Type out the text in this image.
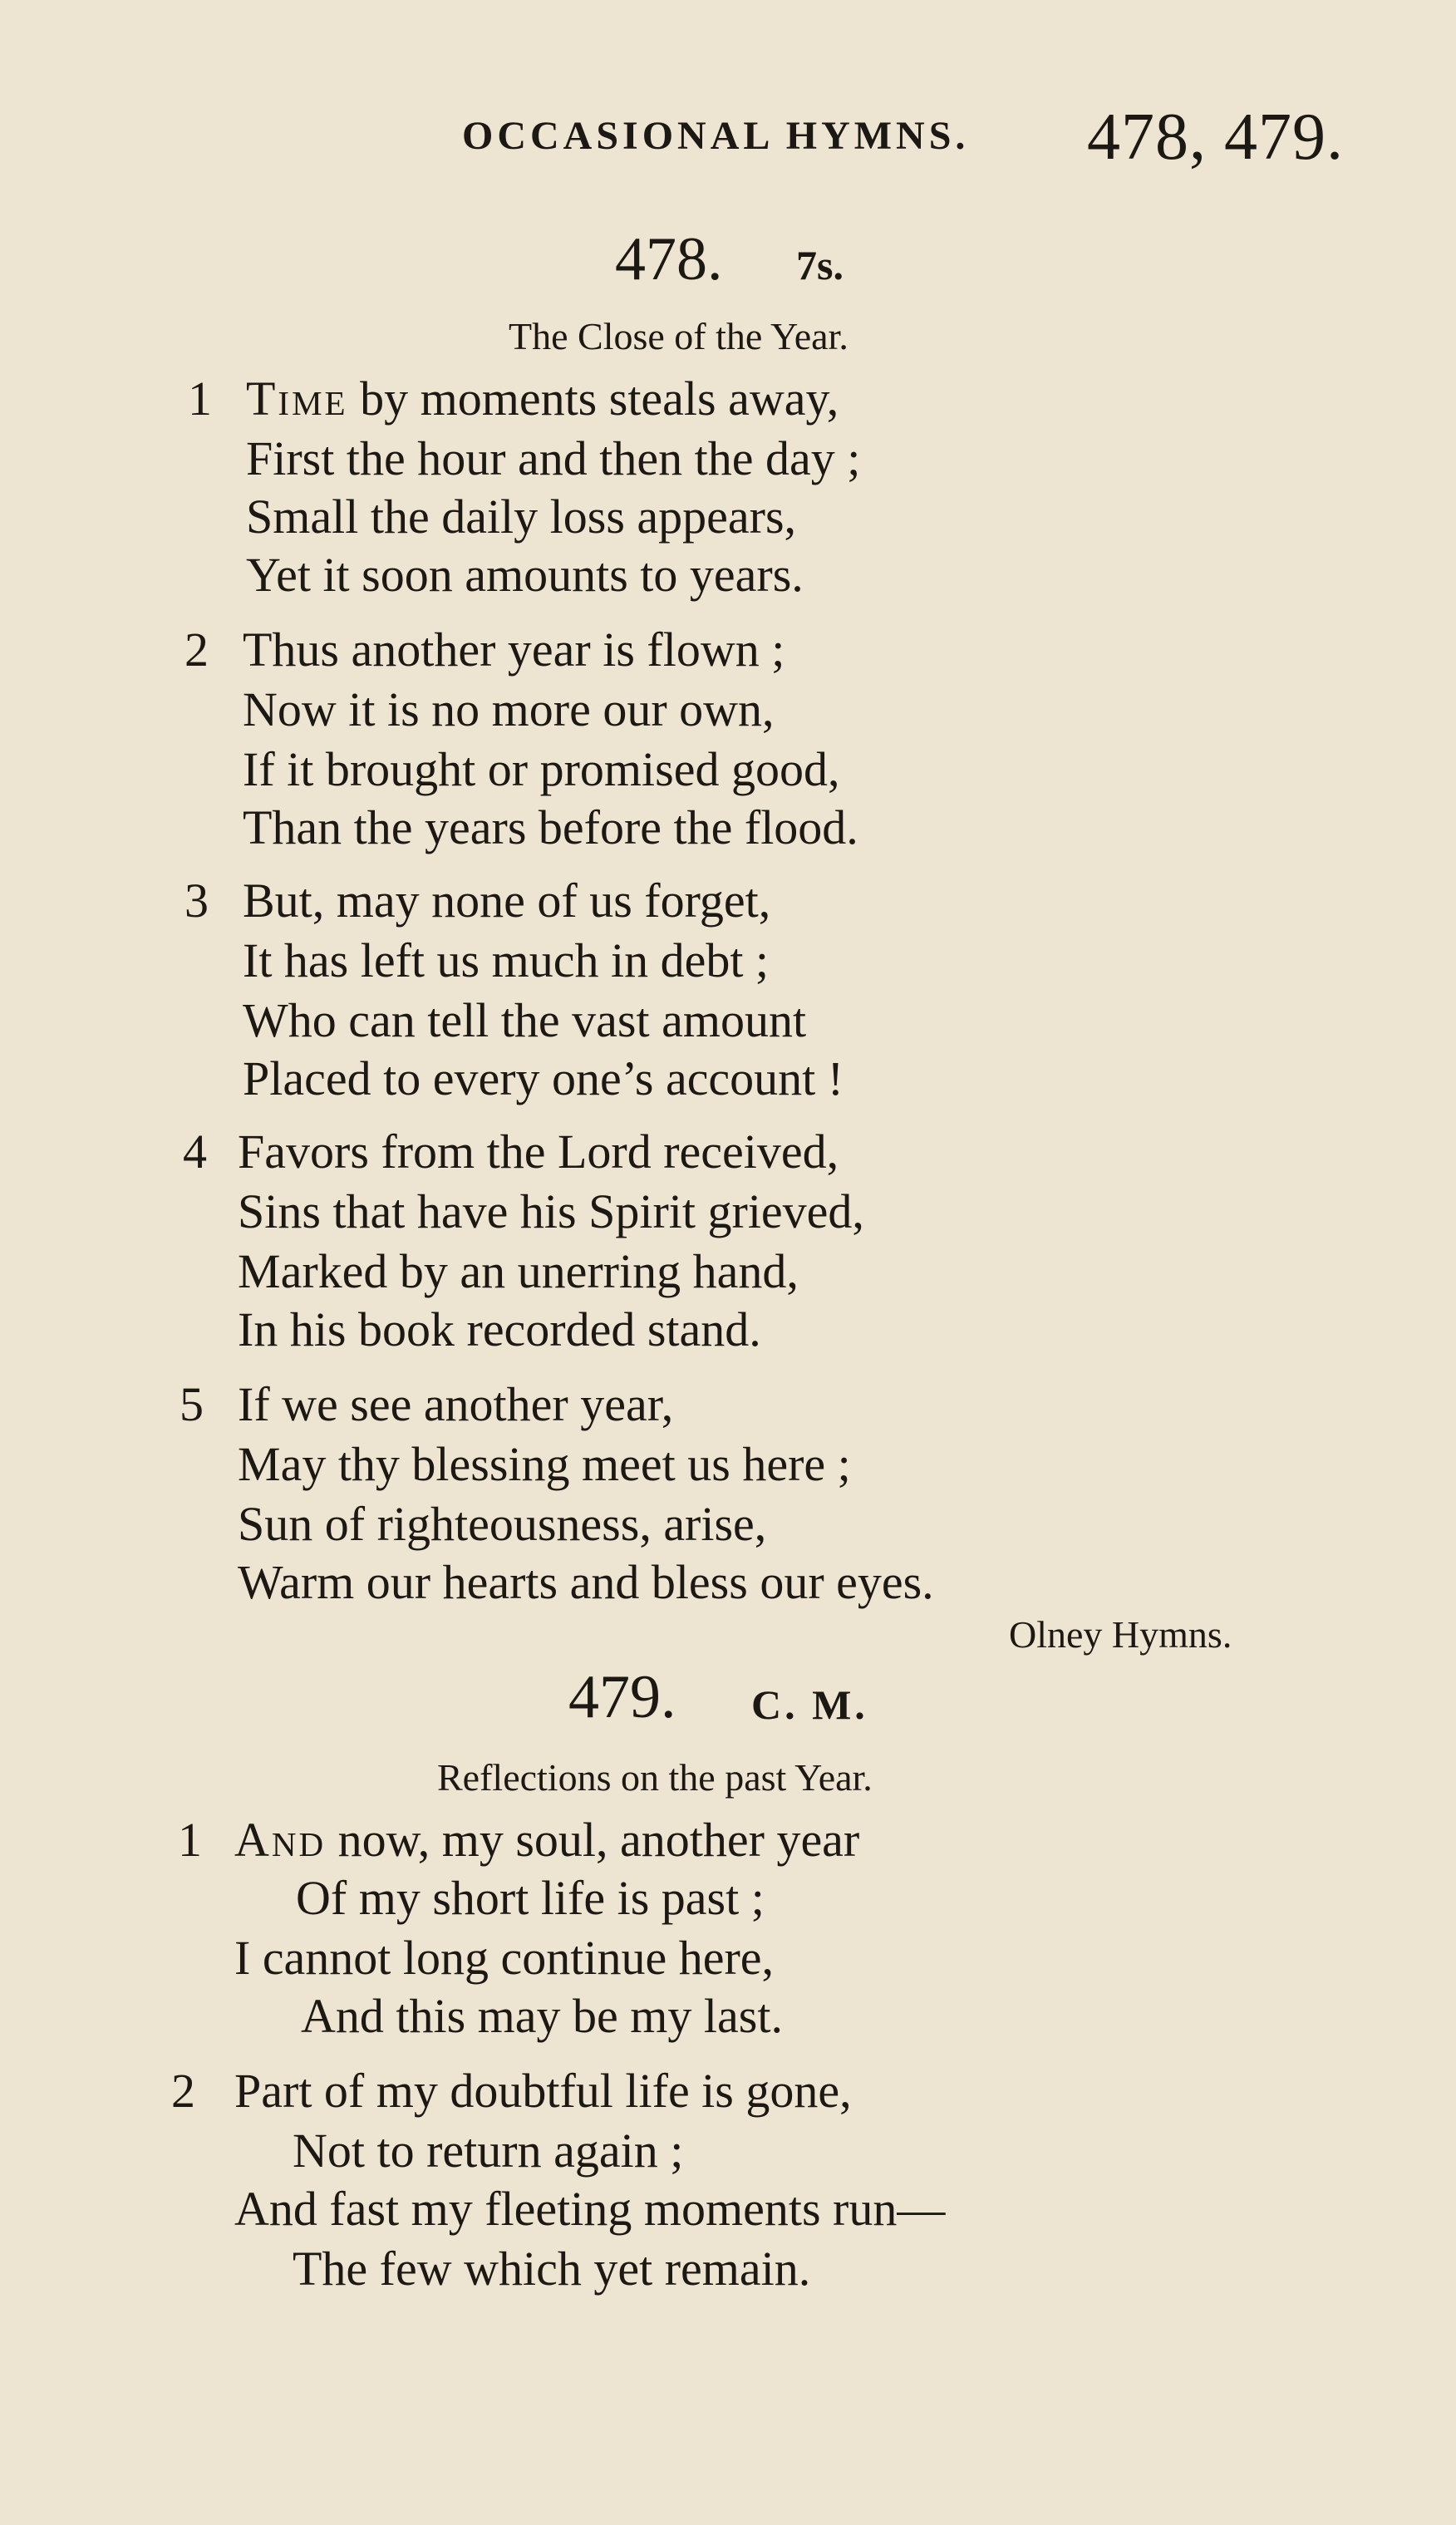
OCCASIONAL HYMNS. 478, 479.
478. 7s.
The Close of the Year.
1 Time by moments steals away,
First the hour and then the day ;
Small the daily loss appears,
Yet it soon amounts to years.
2 Thus another year is flown ;
Now it is no more our own,
If it brought or promised good,
Than the years before the flood.
3 But, may none of us forget,
It has left us much in debt ;
Who can tell the vast amount
Placed to every one’s account !
4 Favors from the Lord received,
Sins that have his Spirit grieved,
Marked by an unerring hand,
In his book recorded stand.
5 If we see another year,
May thy blessing meet us here ;
Sun of righteousness, arise,
Warm our hearts and bless our eyes.
Olney Hymns.
479. C. M.
Reflections on the past Year.
1 And now, my soul, another year
Of my short life is past ;
I cannot long continue here,
And this may be my last.
2 Part of my doubtful life is gone,
Not to return again ;
And fast my fleeting moments run—
The few which yet remain.
